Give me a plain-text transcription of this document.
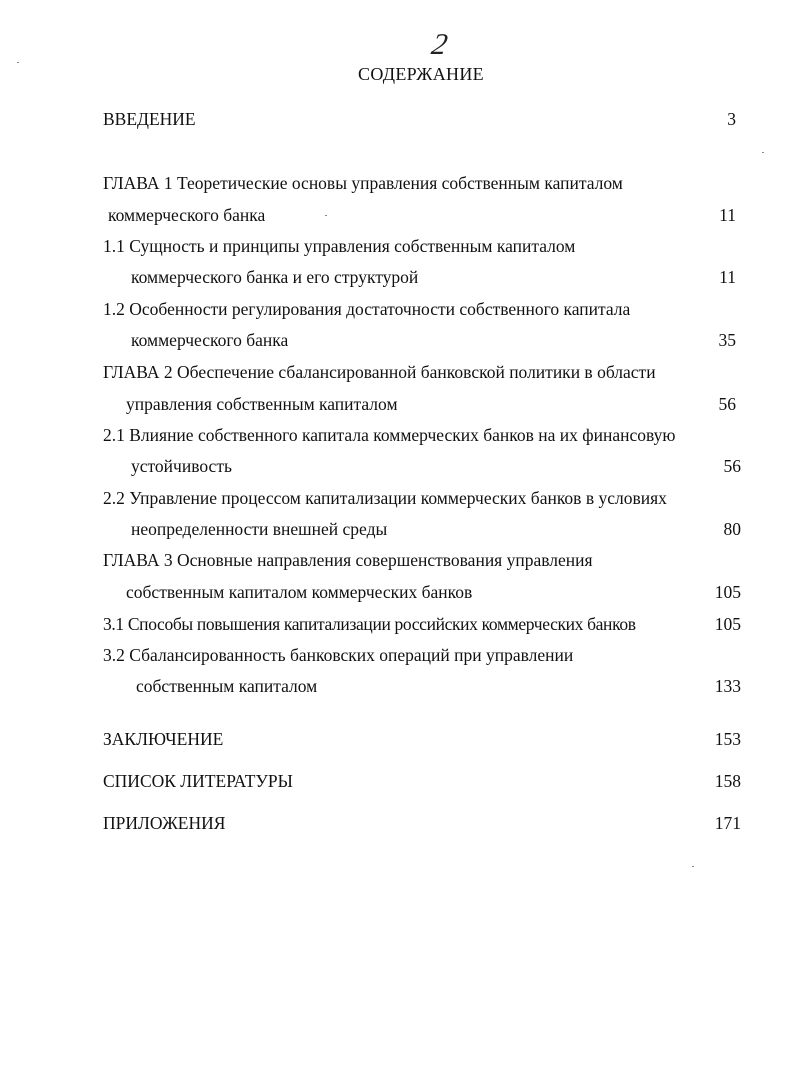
2
СОДЕРЖАНИЕ
ВВЕДЕНИЕ	3
ГЛАВА 1 Теоретические основы управления собственным капиталом
коммерческого банка	11
1.1 Сущность и принципы управления собственным капиталом
коммерческого банка и его структурой	11
1.2 Особенности регулирования достаточности собственного капитала
коммерческого банка	35
ГЛАВА 2 Обеспечение сбалансированной банковской политики в области
управления собственным капиталом	56
2.1 Влияние собственного капитала коммерческих банков на их финансовую
устойчивость	56
2.2 Управление процессом капитализации коммерческих банков в условиях
неопределенности внешней среды	80
ГЛАВА 3 Основные направления совершенствования управления
собственным капиталом коммерческих банков	105
3.1 Способы повышения капитализации российских коммерческих банков	105
3.2 Сбалансированность банковских операций при управлении
собственным капиталом	133
ЗАКЛЮЧЕНИЕ	153
СПИСОК ЛИТЕРАТУРЫ	158
ПРИЛОЖЕНИЯ	171
